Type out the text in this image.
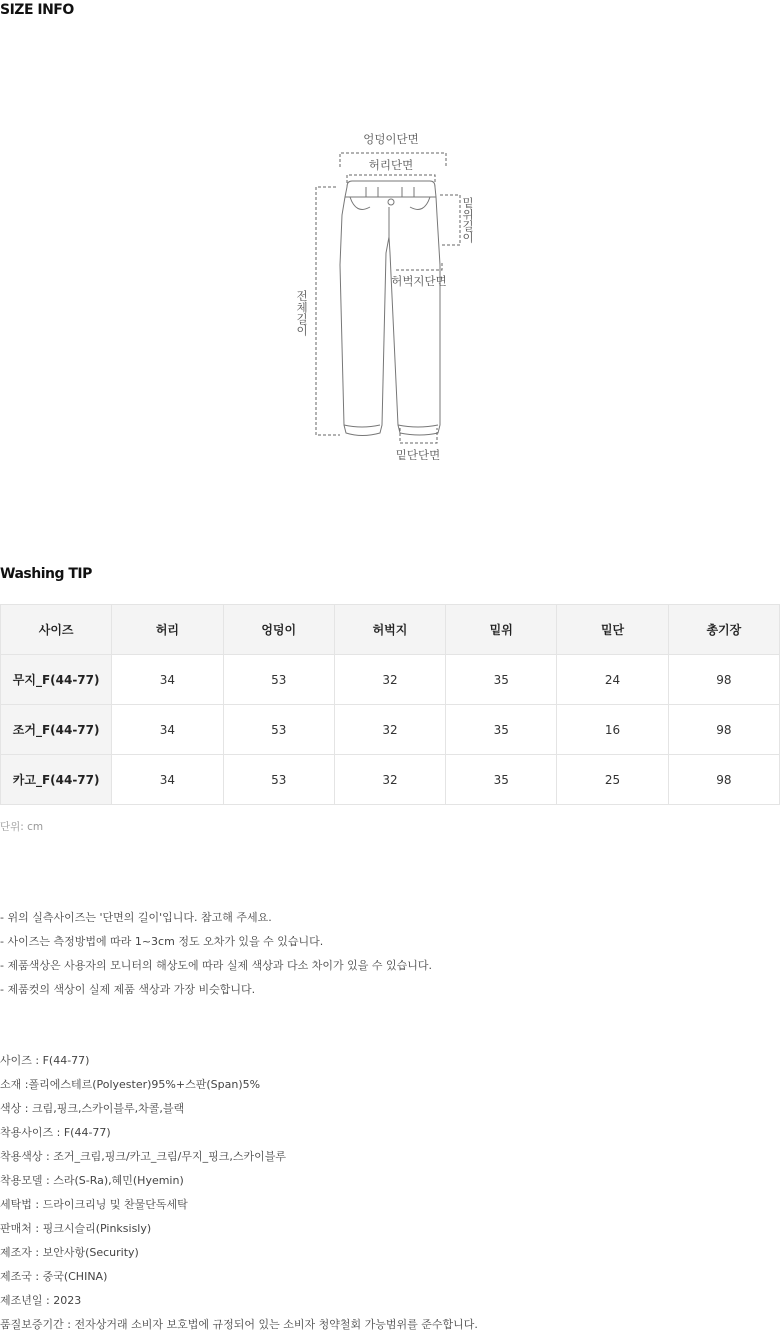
SIZE INFO
엉덩이단면
허리단면
허벅지단면
밑단단면
밑위길이
전체길이
Washing TIP
사이즈	허리	엉덩이	허벅지	밑위	밑단	총기장
무지_F(44-77)	34	53	32	35	24	98
조거_F(44-77)	34	53	32	35	16	98
카고_F(44-77)	34	53	32	35	25	98
단위: cm
- 위의 실측사이즈는 '단면의 길이'입니다. 참고해 주세요.
- 사이즈는 측정방법에 따라 1~3cm 정도 오차가 있을 수 있습니다.
- 제품색상은 사용자의 모니터의 해상도에 따라 실제 색상과 다소 차이가 있을 수 있습니다.
- 제품컷의 색상이 실제 제품 색상과 가장 비슷합니다.
사이즈 : F(44-77)
소재 :폴리에스테르(Polyester)95%+스판(Span)5%
색상 : 크림,핑크,스카이블루,차콜,블랙
착용사이즈 : F(44-77)
착용색상 : 조거_크림,핑크/카고_크림/무지_핑크,스카이블루
착용모델 : 스라(S-Ra),혜민(Hyemin)
세탁법 : 드라이크리닝 및 찬물단독세탁
판매처 : 핑크시슬리(Pinksisly)
제조자 : 보안사항(Security)
제조국 : 중국(CHINA)
제조년일 : 2023
품질보증기간 : 전자상거래 소비자 보호법에 규정되어 있는 소비자 청약철회 가능범위를 준수합니다.
